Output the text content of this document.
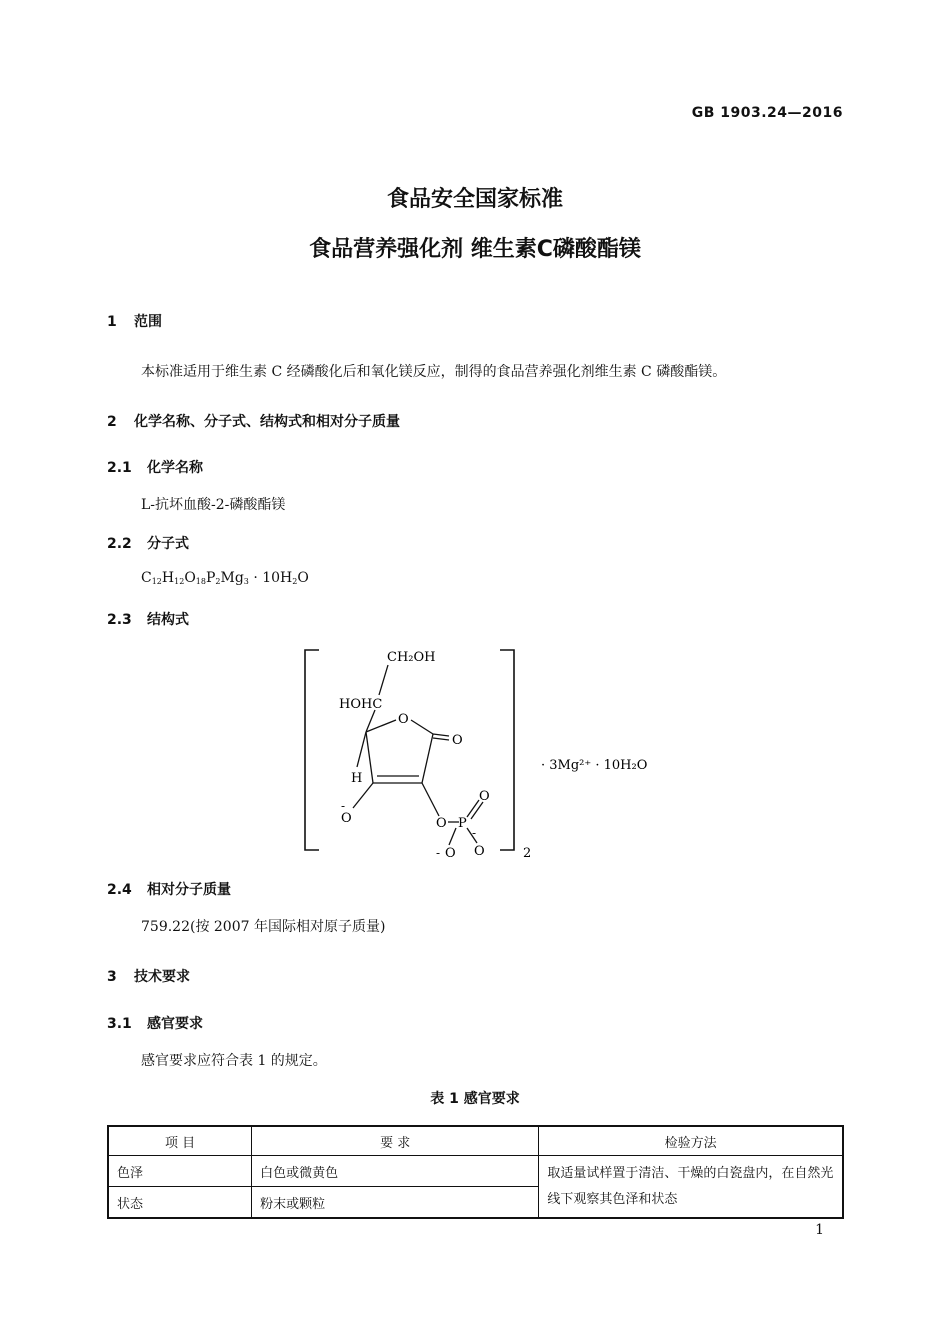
GB 1903.24—2016
食品安全国家标准
食品营养强化剂 维生素C磷酸酯镁
1 范围
本标准适用于维生素 C 经磷酸化后和氧化镁反应，制得的食品营养强化剂维生素 C 磷酸酯镁。
2 化学名称、分子式、结构式和相对分子质量
2.1 化学名称
L-抗坏血酸-2-磷酸酯镁
2.2 分子式
$C_{12}H_{12}O_{18}P_2Mg_3 \cdot 10H_2O$
2.3 结构式
CH₂OH
HOHC
O
O
H
-
O	O P
O
O O
-
-
2
· 3Mg²⁺ · 10H₂O
2.4 相对分子质量
759.22(按 2007 年国际相对原子质量)
3 技术要求
3.1 感官要求
感官要求应符合表 1 的规定。
表 1 感官要求
项 目	要 求	检验方法
色泽	白色或微黄色	取适量试样置于清洁、干燥的白瓷盘内，在自然光线下观察其色泽和状态
状态	粉末或颗粒	
1
